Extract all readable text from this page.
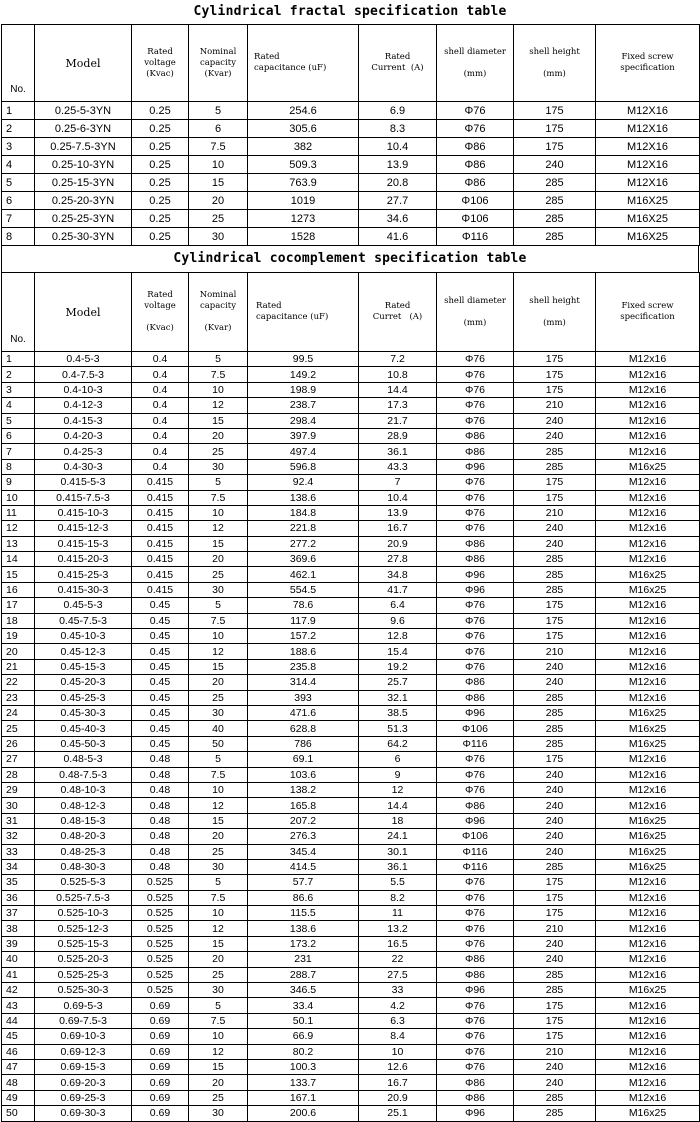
Cylindrical fractal specification table
No.	Model	Rated
voltage
(Kvac)	Nominal
capacity
(Kvar)	Rated
capacitance (uF)	Rated
Current  (A)	shell diameter

(mm)	shell height

(mm)	Fixed screw
specification
1	0.25-5-3YN	0.25	5	254.6	6.9	Φ76	175	M12X16
2	0.25-6-3YN	0.25	6	305.6	8.3	Φ76	175	M12X16
3	0.25-7.5-3YN	0.25	7.5	382	10.4	Φ86	175	M12X16
4	0.25-10-3YN	0.25	10	509.3	13.9	Φ86	240	M12X16
5	0.25-15-3YN	0.25	15	763.9	20.8	Φ86	285	M12X16
6	0.25-20-3YN	0.25	20	1019	27.7	Φ106	285	M16X25
7	0.25-25-3YN	0.25	25	1273	34.6	Φ106	285	M16X25
8	0.25-30-3YN	0.25	30	1528	41.6	Φ116	285	M16X25
Cylindrical cocomplement specification table
No.	Model	Rated
voltage

(Kvac)	Nominal
capacity

(Kvar)	Rated
capacitance (uF)	Rated
Curret   (A)	shell diameter

(mm)	shell height

(mm)	Fixed screw
specification
1	0.4-5-3	0.4	5	99.5	7.2	Φ76	175	M12x16
2	0.4-7.5-3	0.4	7.5	149.2	10.8	Φ76	175	M12x16
3	0.4-10-3	0.4	10	198.9	14.4	Φ76	175	M12x16
4	0.4-12-3	0.4	12	238.7	17.3	Φ76	210	M12x16
5	0.4-15-3	0.4	15	298.4	21.7	Φ76	240	M12x16
6	0.4-20-3	0.4	20	397.9	28.9	Φ86	240	M12x16
7	0.4-25-3	0.4	25	497.4	36.1	Φ86	285	M12x16
8	0.4-30-3	0.4	30	596.8	43.3	Φ96	285	M16x25
9	0.415-5-3	0.415	5	92.4	7	Φ76	175	M12x16
10	0.415-7.5-3	0.415	7.5	138.6	10.4	Φ76	175	M12x16
11	0.415-10-3	0.415	10	184.8	13.9	Φ76	210	M12x16
12	0.415-12-3	0.415	12	221.8	16.7	Φ76	240	M12x16
13	0.415-15-3	0.415	15	277.2	20.9	Φ86	240	M12x16
14	0.415-20-3	0.415	20	369.6	27.8	Φ86	285	M12x16
15	0.415-25-3	0.415	25	462.1	34.8	Φ96	285	M16x25
16	0.415-30-3	0.415	30	554.5	41.7	Φ96	285	M16x25
17	0.45-5-3	0.45	5	78.6	6.4	Φ76	175	M12x16
18	0.45-7.5-3	0.45	7.5	117.9	9.6	Φ76	175	M12x16
19	0.45-10-3	0.45	10	157.2	12.8	Φ76	175	M12x16
20	0.45-12-3	0.45	12	188.6	15.4	Φ76	210	M12x16
21	0.45-15-3	0.45	15	235.8	19.2	Φ76	240	M12x16
22	0.45-20-3	0.45	20	314.4	25.7	Φ86	240	M12x16
23	0.45-25-3	0.45	25	393	32.1	Φ86	285	M12x16
24	0.45-30-3	0.45	30	471.6	38.5	Φ96	285	M16x25
25	0.45-40-3	0.45	40	628.8	51.3	Φ106	285	M16x25
26	0.45-50-3	0.45	50	786	64.2	Φ116	285	M16x25
27	0.48-5-3	0.48	5	69.1	6	Φ76	175	M12x16
28	0.48-7.5-3	0.48	7.5	103.6	9	Φ76	240	M12x16
29	0.48-10-3	0.48	10	138.2	12	Φ76	240	M12x16
30	0.48-12-3	0.48	12	165.8	14.4	Φ86	240	M12x16
31	0.48-15-3	0.48	15	207.2	18	Φ96	240	M16x25
32	0.48-20-3	0.48	20	276.3	24.1	Φ106	240	M16x25
33	0.48-25-3	0.48	25	345.4	30.1	Φ116	240	M16x25
34	0.48-30-3	0.48	30	414.5	36.1	Φ116	285	M16x25
35	0.525-5-3	0.525	5	57.7	5.5	Φ76	175	M12x16
36	0.525-7.5-3	0.525	7.5	86.6	8.2	Φ76	175	M12x16
37	0.525-10-3	0.525	10	115.5	11	Φ76	175	M12x16
38	0.525-12-3	0.525	12	138.6	13.2	Φ76	210	M12x16
39	0.525-15-3	0.525	15	173.2	16.5	Φ76	240	M12x16
40	0.525-20-3	0.525	20	231	22	Φ86	240	M12x16
41	0.525-25-3	0.525	25	288.7	27.5	Φ86	285	M12x16
42	0.525-30-3	0.525	30	346.5	33	Φ96	285	M16x25
43	0.69-5-3	0.69	5	33.4	4.2	Φ76	175	M12x16
44	0.69-7.5-3	0.69	7.5	50.1	6.3	Φ76	175	M12x16
45	0.69-10-3	0.69	10	66.9	8.4	Φ76	175	M12x16
46	0.69-12-3	0.69	12	80.2	10	Φ76	210	M12x16
47	0.69-15-3	0.69	15	100.3	12.6	Φ76	240	M12x16
48	0.69-20-3	0.69	20	133.7	16.7	Φ86	240	M12x16
49	0.69-25-3	0.69	25	167.1	20.9	Φ86	285	M12x16
50	0.69-30-3	0.69	30	200.6	25.1	Φ96	285	M16x25
